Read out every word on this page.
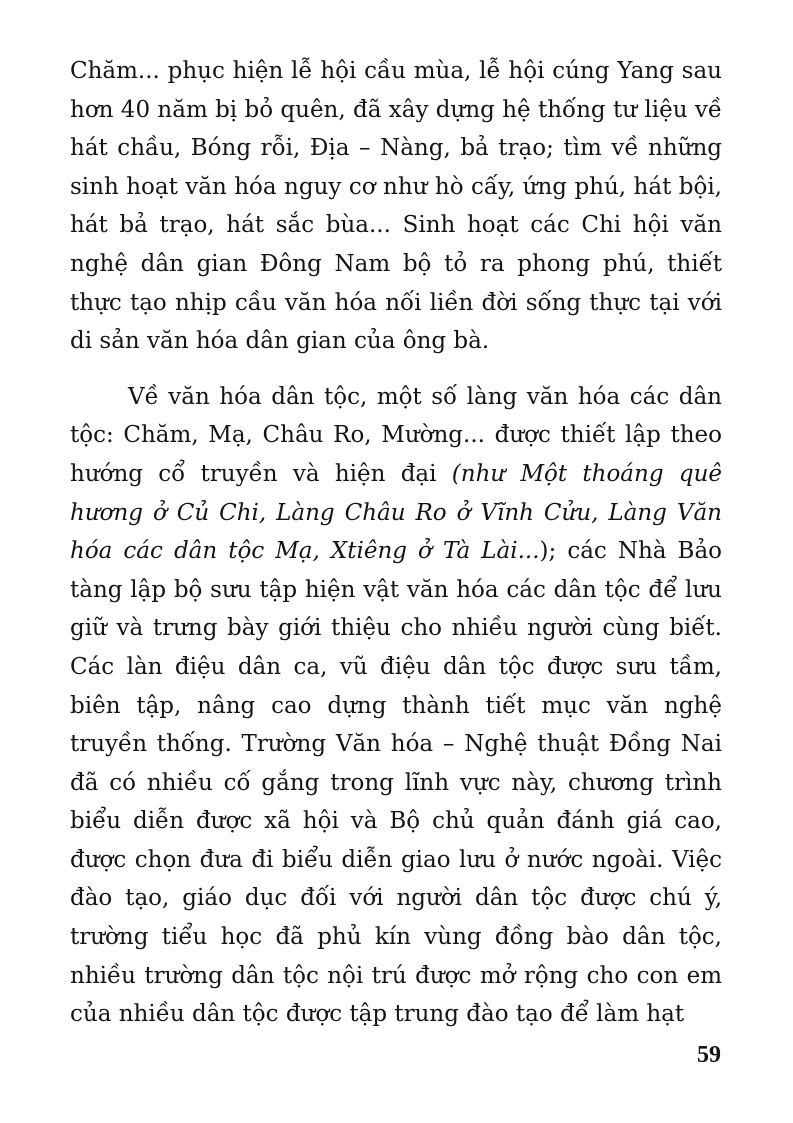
Chăm... phục hiện lễ hội cầu mùa, lễ hội cúng Yang sau hơn 40 năm bị bỏ quên, đã xây dựng hệ thống tư liệu về hát chầu, Bóng rỗi, Địa – Nàng, bả trạo; tìm về những sinh hoạt văn hóa nguy cơ như hò cấy, ứng phú, hát bội, hát bả trạo, hát sắc bùa... Sinh hoạt các Chi hội văn nghệ dân gian Đông Nam bộ tỏ ra phong phú, thiết thực tạo nhịp cầu văn hóa nối liền đời sống thực tại với di sản văn hóa dân gian của ông bà.

Về văn hóa dân tộc, một số làng văn hóa các dân tộc: Chăm, Mạ, Châu Ro, Mường... được thiết lập theo hướng cổ truyền và hiện đại (như Một thoáng quê hương ở Củ Chi, Làng Châu Ro ở Vĩnh Cửu, Làng Văn hóa các dân tộc Mạ, Xtiêng ở Tà Lài...); các Nhà Bảo tàng lập bộ sưu tập hiện vật văn hóa các dân tộc để lưu giữ và trưng bày giới thiệu cho nhiều người cùng biết. Các làn điệu dân ca, vũ điệu dân tộc được sưu tầm, biên tập, nâng cao dựng thành tiết mục văn nghệ truyền thống. Trường Văn hóa – Nghệ thuật Đồng Nai đã có nhiều cố gắng trong lĩnh vực này, chương trình biểu diễn được xã hội và Bộ chủ quản đánh giá cao, được chọn đưa đi biểu diễn giao lưu ở nước ngoài. Việc đào tạo, giáo dục đối với người dân tộc được chú ý, trường tiểu học đã phủ kín vùng đồng bào dân tộc, nhiều trường dân tộc nội trú được mở rộng cho con em của nhiều dân tộc được tập trung đào tạo để làm hạt

59
